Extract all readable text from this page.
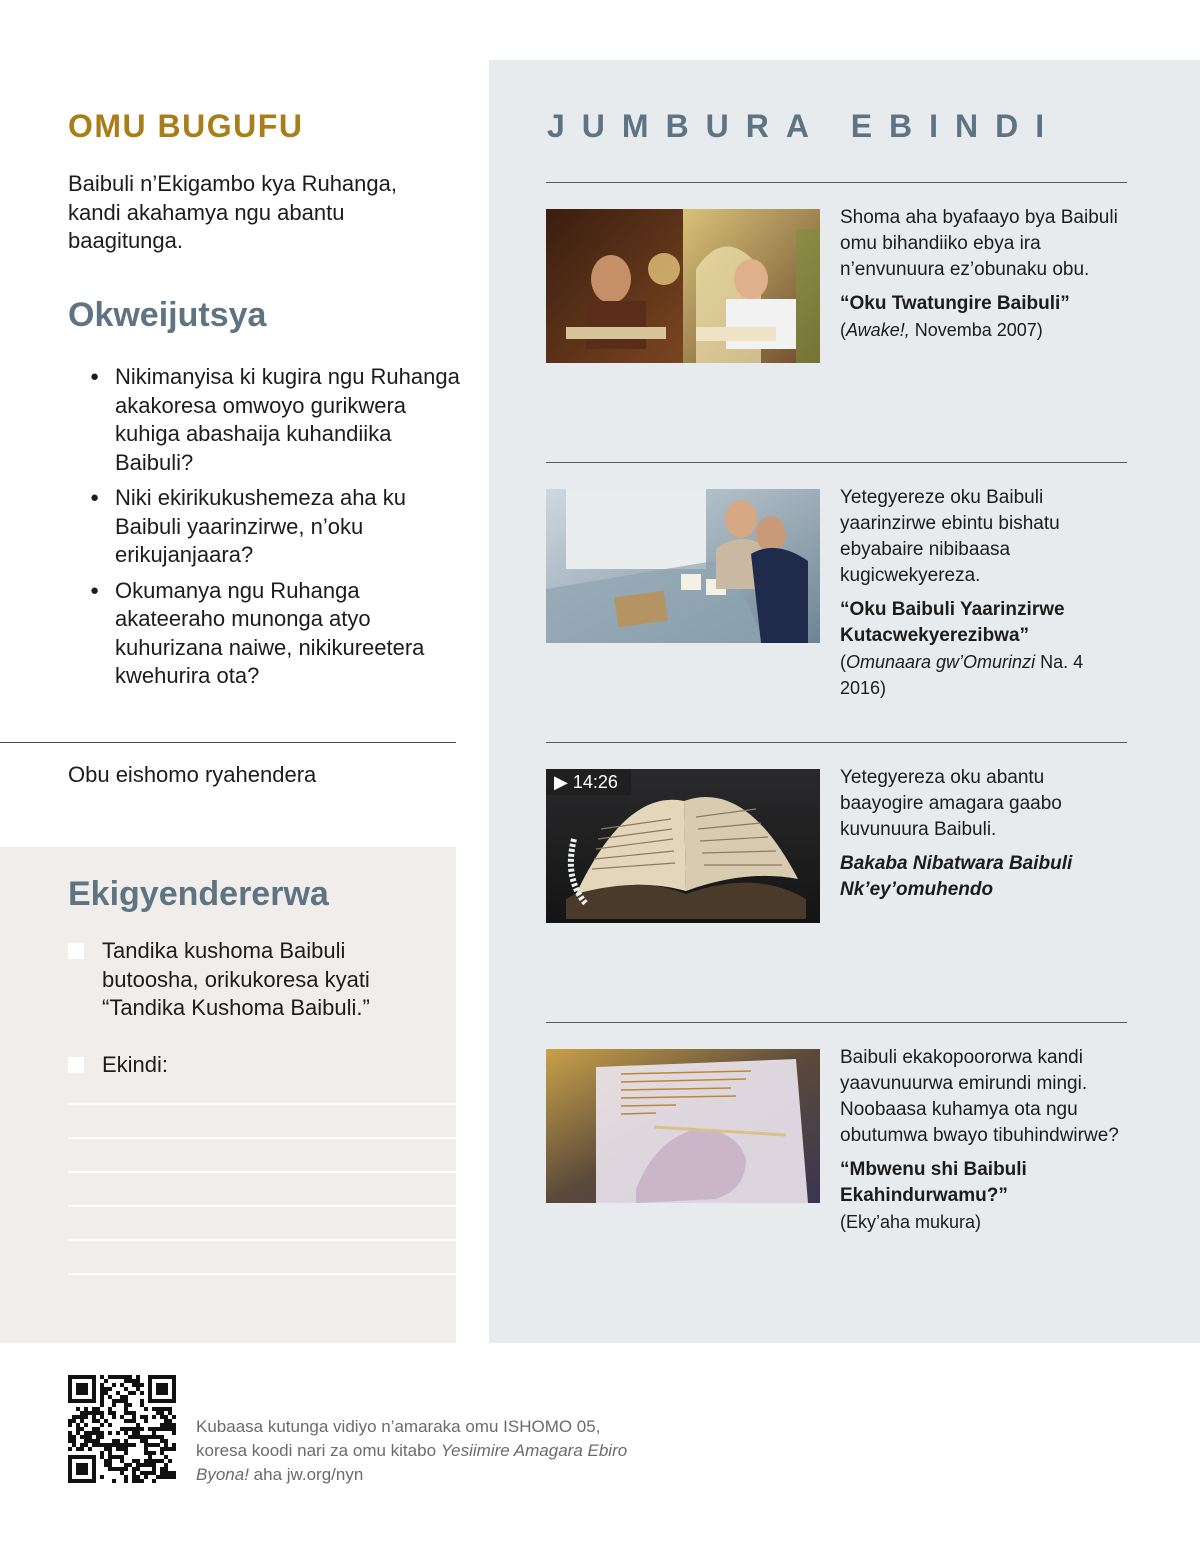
OMU BUGUFU

Baibuli n’Ekigambo kya Ruhanga, kandi akahamya ngu abantu baagitunga.

Okweijutsya
● Nikimanyisa ki kugira ngu Ruhanga akakoresa omwoyo gurikwera kuhiga abashaija kuhandiika Baibuli?
● Niki ekirikukushemeza aha ku Baibuli yaarinzirwe, n’oku erikujanjaara?
● Okumanya ngu Ruhanga akateeraho munonga atyo kuhurizana naiwe, nikikureetera kwehurira ota?

Obu eishomo ryahendera

Ekigyendererwa
Tandika kushoma Baibuli butoosha, orikukoresa kyati “Tandika Kushoma Baibuli.”
Ekindi:
JUMBURA EBINDI

Shoma aha byafaayo bya Baibuli omu bihandiiko ebya ira n’envunuura ez’obunaku obu.

“Oku Twatungire Baibuli”

(Awake!, Novemba 2007)

Yetegyereze oku Baibuli yaarinzirwe ebintu bishatu ebyabaire nibibaasa kugicwekyereza.

“Oku Baibuli Yaarinzirwe Kutacwekyerezibwa”

(Omunaara gw’Omurinzi Na. 4 2016)

▶ 14:26	Yetegyereza oku abantu baayogire amagara gaabo kuvunuura Baibuli.

Bakaba Nibatwara Baibuli Nk’ey’omuhendo

Baibuli ekakopoororwa kandi yaavunuurwa emirundi mingi. Noobaasa kuhamya ota ngu obutumwa bwayo tibuhindwirwe?

“Mbwenu shi Baibuli Ekahindurwamu?”

(Eky’aha mukura)

Kubaasa kutunga vidiyo n’amaraka omu ISHOMO 05, koresa koodi nari za omu kitabo Yesiimire Amagara Ebiro Byona! aha jw.org/nyn
